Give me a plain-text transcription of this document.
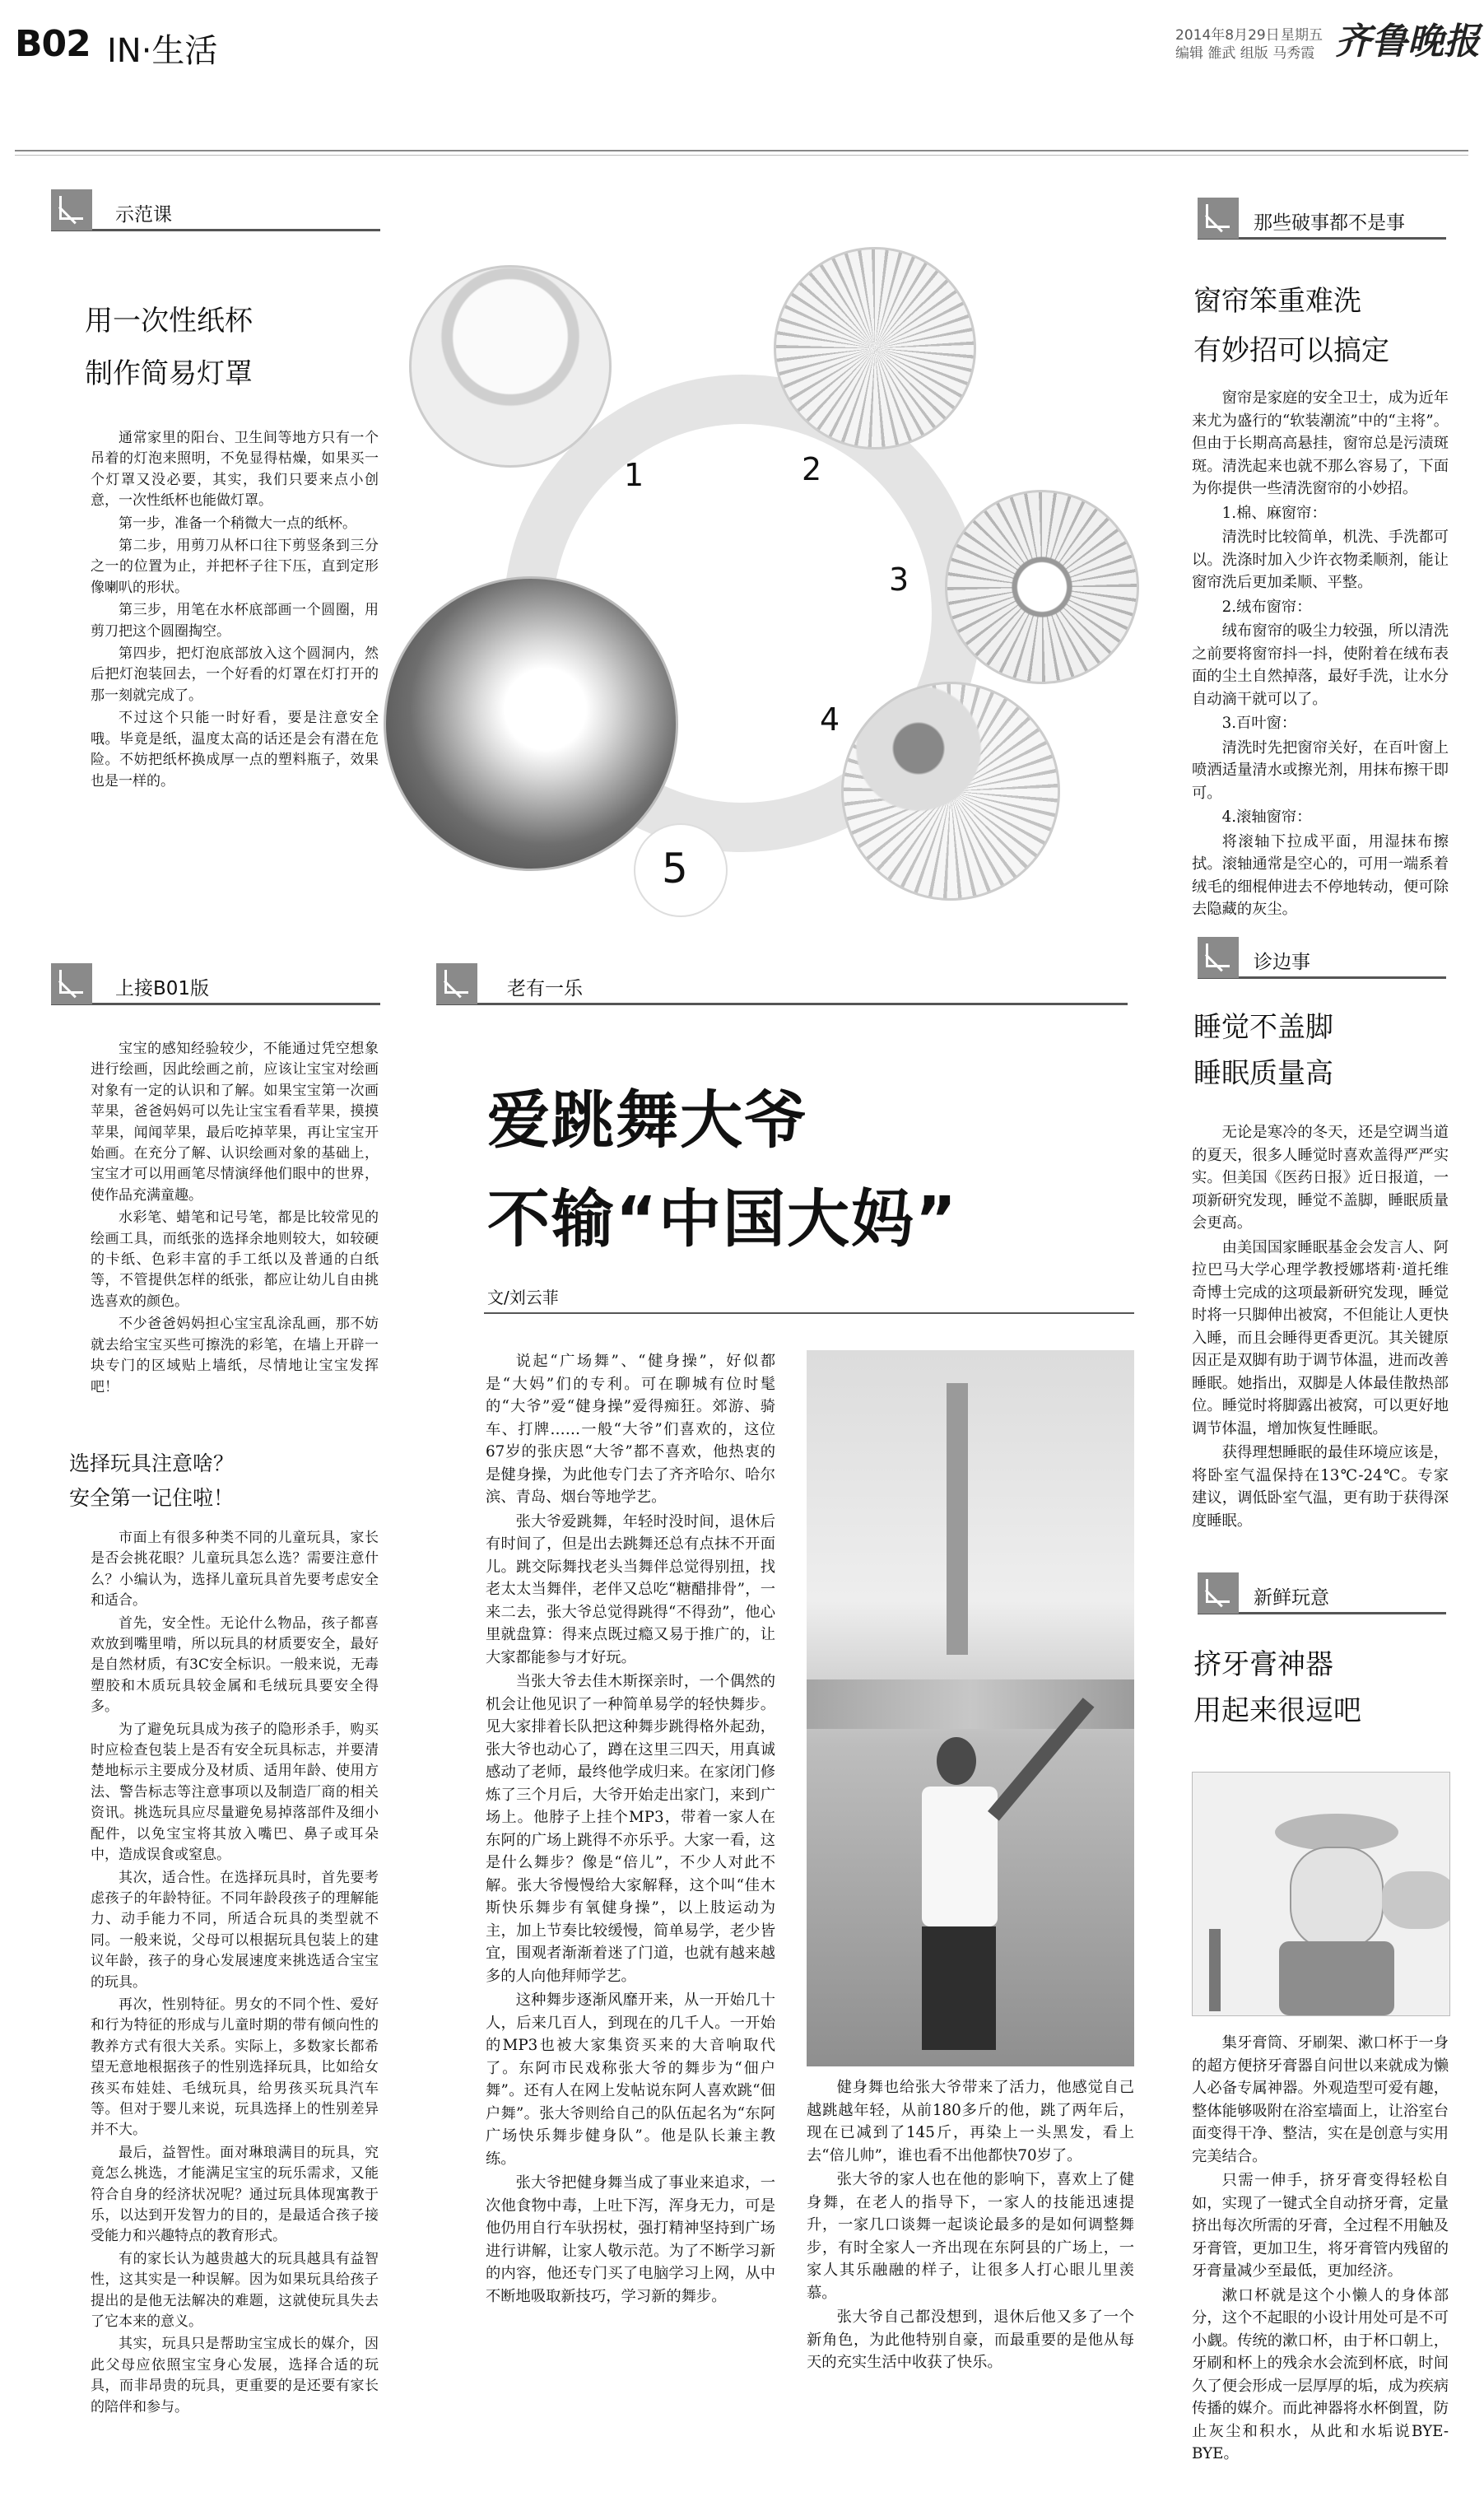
B02 IN·生活	2014年8月29日 星期五
编辑 雒武 组版 马秀霞 齐鲁晚报
示范课
用一次性纸杯
制作简易灯罩

通常家里的阳台、卫生间等地方只有一个吊着的灯泡来照明，不免显得枯燥，如果买一个灯罩又没必要，其实，我们只要来点小创意，一次性纸杯也能做灯罩。

第一步，准备一个稍微大一点的纸杯。

第二步，用剪刀从杯口往下剪竖条到三分之一的位置为止，并把杯子往下压，直到定形像喇叭的形状。

第三步，用笔在水杯底部画一个圆圈，用剪刀把这个圆圈掏空。

第四步，把灯泡底部放入这个圆洞内，然后把灯泡装回去，一个好看的灯罩在灯打开的那一刻就完成了。

不过这个只能一时好看，要是注意安全哦。毕竟是纸，温度太高的话还是会有潜在危险。不妨把纸杯换成厚一点的塑料瓶子，效果也是一样的。

1	2
3
4
5
那些破事都不是事
窗帘笨重难洗
有妙招可以搞定

窗帘是家庭的安全卫士，成为近年来尤为盛行的“软装潮流”中的“主将”。但由于长期高高悬挂，窗帘总是污渍斑斑。清洗起来也就不那么容易了，下面为你提供一些清洗窗帘的小妙招。

1.棉、麻窗帘：

清洗时比较简单，机洗、手洗都可以。洗涤时加入少许衣物柔顺剂，能让窗帘洗后更加柔顺、平整。

2.绒布窗帘：

绒布窗帘的吸尘力较强，所以清洗之前要将窗帘抖一抖，使附着在绒布表面的尘土自然掉落，最好手洗，让水分自动滴干就可以了。

3.百叶窗：

清洗时先把窗帘关好，在百叶窗上喷洒适量清水或擦光剂，用抹布擦干即可。

4.滚轴窗帘：

将滚轴下拉成平面，用湿抹布擦拭。滚轴通常是空心的，可用一端系着绒毛的细棍伸进去不停地转动，便可除去隐藏的灰尘。

上接B01版

宝宝的感知经验较少，不能通过凭空想象进行绘画，因此绘画之前，应该让宝宝对绘画对象有一定的认识和了解。如果宝宝第一次画苹果，爸爸妈妈可以先让宝宝看看苹果，摸摸苹果，闻闻苹果，最后吃掉苹果，再让宝宝开始画。在充分了解、认识绘画对象的基础上，宝宝才可以用画笔尽情演绎他们眼中的世界，使作品充满童趣。

水彩笔、蜡笔和记号笔，都是比较常见的绘画工具，而纸张的选择余地则较大，如较硬的卡纸、色彩丰富的手工纸以及普通的白纸等，不管提供怎样的纸张，都应让幼儿自由挑选喜欢的颜色。

不少爸爸妈妈担心宝宝乱涂乱画，那不妨就去给宝宝买些可擦洗的彩笔，在墙上开辟一块专门的区域贴上墙纸，尽情地让宝宝发挥吧！

选择玩具注意啥？
安全第一记住啦！

市面上有很多种类不同的儿童玩具，家长是否会挑花眼？儿童玩具怎么选？需要注意什么？小编认为，选择儿童玩具首先要考虑安全和适合。

首先，安全性。无论什么物品，孩子都喜欢放到嘴里啃，所以玩具的材质要安全，最好是自然材质，有3C安全标识。一般来说，无毒塑胶和木质玩具较金属和毛绒玩具要安全得多。

为了避免玩具成为孩子的隐形杀手，购买时应检查包装上是否有安全玩具标志，并要清楚地标示主要成分及材质、适用年龄、使用方法、警告标志等注意事项以及制造厂商的相关资讯。挑选玩具应尽量避免易掉落部件及细小配件，以免宝宝将其放入嘴巴、鼻子或耳朵中，造成误食或窒息。

其次，适合性。在选择玩具时，首先要考虑孩子的年龄特征。不同年龄段孩子的理解能力、动手能力不同，所适合玩具的类型就不同。一般来说，父母可以根据玩具包装上的建议年龄，孩子的身心发展速度来挑选适合宝宝的玩具。

再次，性别特征。男女的不同个性、爱好和行为特征的形成与儿童时期的带有倾向性的教养方式有很大关系。实际上，多数家长都希望无意地根据孩子的性别选择玩具，比如给女孩买布娃娃、毛绒玩具，给男孩买玩具汽车等。但对于婴儿来说，玩具选择上的性别差异并不大。

最后，益智性。面对琳琅满目的玩具，究竟怎么挑选，才能满足宝宝的玩乐需求，又能符合自身的经济状况呢？通过玩具体现寓教于乐，以达到开发智力的目的，是最适合孩子接受能力和兴趣特点的教育形式。

有的家长认为越贵越大的玩具越具有益智性，这其实是一种误解。因为如果玩具给孩子提出的是他无法解决的难题，这就使玩具失去了它本来的意义。

其实，玩具只是帮助宝宝成长的媒介，因此父母应依照宝宝身心发展，选择合适的玩具，而非昂贵的玩具，更重要的是还要有家长的陪伴和参与。

老有一乐
爱跳舞大爷
不输“中国大妈”
文/刘云菲

说起“广场舞”、“健身操”，好似都是“大妈”们的专利。可在聊城有位时髦的“大爷”爱“健身操”爱得痴狂。郊游、骑车、打牌……一般“大爷”们喜欢的，这位67岁的张庆恩“大爷”都不喜欢，他热衷的是健身操，为此他专门去了齐齐哈尔、哈尔滨、青岛、烟台等地学艺。

张大爷爱跳舞，年轻时没时间，退休后有时间了，但是出去跳舞还总有点抹不开面儿。跳交际舞找老头当舞伴总觉得别扭，找老太太当舞伴，老伴又总吃“糖醋排骨”，一来二去，张大爷总觉得跳得“不得劲”，他心里就盘算：得来点既过瘾又易于推广的，让大家都能参与才好玩。

当张大爷去佳木斯探亲时，一个偶然的机会让他见识了一种简单易学的轻快舞步。见大家排着长队把这种舞步跳得格外起劲，张大爷也动心了，蹲在这里三四天，用真诚感动了老师，最终他学成归来。在家闭门修炼了三个月后，大爷开始走出家门，来到广场上。他脖子上挂个MP3，带着一家人在东阿的广场上跳得不亦乐乎。大家一看，这是什么舞步？像是“倍儿”，不少人对此不解。张大爷慢慢给大家解释，这个叫“佳木斯快乐舞步有氧健身操”，以上肢运动为主，加上节奏比较缓慢，简单易学，老少皆宜，围观者渐渐着迷了门道，也就有越来越多的人向他拜师学艺。

这种舞步逐渐风靡开来，从一开始几十人，后来几百人，到现在的几千人。一开始的MP3也被大家集资买来的大音响取代了。东阿市民戏称张大爷的舞步为“佃户舞”。还有人在网上发帖说东阿人喜欢跳“佃户舞”。张大爷则给自己的队伍起名为“东阿广场快乐舞步健身队”。他是队长兼主教练。

张大爷把健身舞当成了事业来追求，一次他食物中毒，上吐下泻，浑身无力，可是他仍用自行车驮拐杖，强打精神坚持到广场进行讲解，让家人敬示范。为了不断学习新的内容，他还专门买了电脑学习上网，从中不断地吸取新技巧，学习新的舞步。

健身舞也给张大爷带来了活力，他感觉自己越跳越年轻，从前180多斤的他，跳了两年后，现在已减到了145斤，再染上一头黑发，看上去“倍儿帅”，谁也看不出他都快70岁了。

张大爷的家人也在他的影响下，喜欢上了健身舞，在老人的指导下，一家人的技能迅速提升，一家几口谈舞一起谈论最多的是如何调整舞步，有时全家人一齐出现在东阿县的广场上，一家人其乐融融的样子，让很多人打心眼儿里羡慕。

张大爷自己都没想到，退休后他又多了一个新角色，为此他特别自豪，而最重要的是他从每天的充实生活中收获了快乐。

诊边事
睡觉不盖脚
睡眠质量高

无论是寒冷的冬天，还是空调当道的夏天，很多人睡觉时喜欢盖得严严实实。但美国《医药日报》近日报道，一项新研究发现，睡觉不盖脚，睡眠质量会更高。

由美国国家睡眠基金会发言人、阿拉巴马大学心理学教授娜塔莉·道托维奇博士完成的这项最新研究发现，睡觉时将一只脚伸出被窝，不但能让人更快入睡，而且会睡得更香更沉。其关键原因正是双脚有助于调节体温，进而改善睡眠。她指出，双脚是人体最佳散热部位。睡觉时将脚露出被窝，可以更好地调节体温，增加恢复性睡眠。

获得理想睡眠的最佳环境应该是，将卧室气温保持在13℃-24℃。专家建议，调低卧室气温，更有助于获得深度睡眠。

新鲜玩意
挤牙膏神器
用起来很逗吧

集牙膏筒、牙刷架、漱口杯于一身的超方便挤牙膏器自问世以来就成为懒人必备专属神器。外观造型可爱有趣，整体能够吸附在浴室墙面上，让浴室台面变得干净、整洁，实在是创意与实用完美结合。

只需一伸手，挤牙膏变得轻松自如，实现了一键式全自动挤牙膏，定量挤出每次所需的牙膏，全过程不用触及牙膏管，更加卫生，将牙膏管内残留的牙膏量减少至最低，更加经济。

漱口杯就是这个小懒人的身体部分，这个不起眼的小设计用处可是不可小觑。传统的漱口杯，由于杯口朝上，牙刷和杯上的残余水会流到杯底，时间久了便会形成一层厚厚的垢，成为疾病传播的媒介。而此神器将水杯倒置，防止灰尘和积水，从此和水垢说BYE-BYE。
